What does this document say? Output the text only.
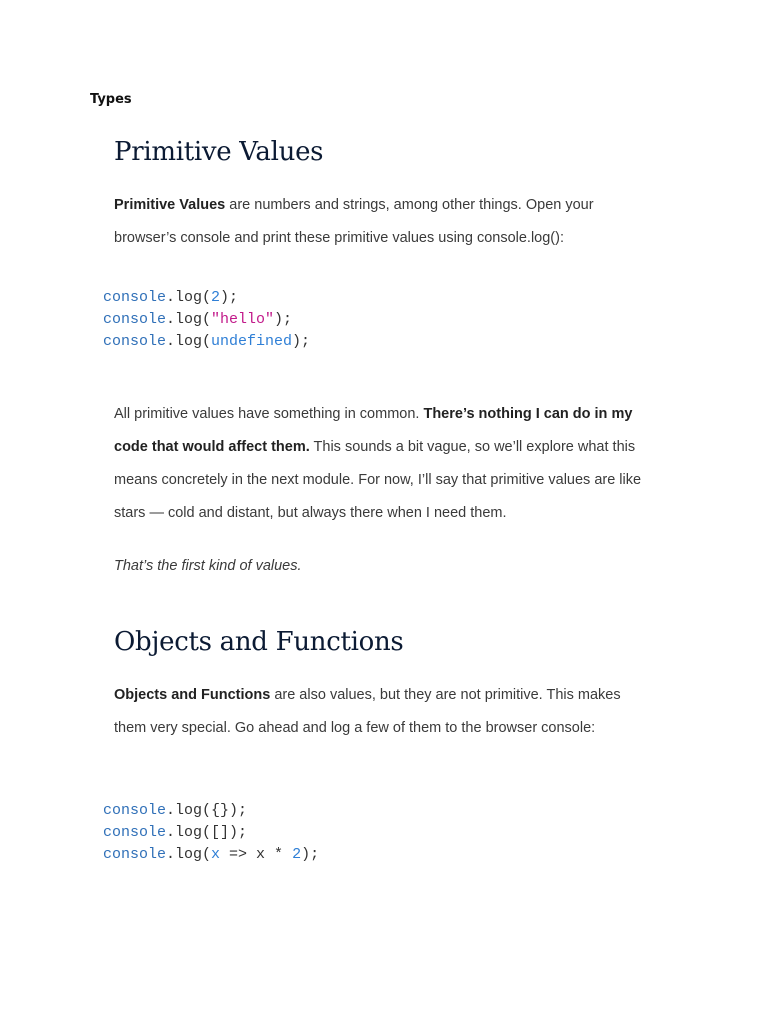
Types
Primitive Values

Primitive Values are numbers and strings, among other things. Open your browser’s console and print these primitive values using console.log():

console.log(2);
console.log("hello");
console.log(undefined);

All primitive values have something in common. There’s nothing I can do in my code that would affect them. This sounds a bit vague, so we’ll explore what this means concretely in the next module. For now, I’ll say that primitive values are like stars — cold and distant, but always there when I need them.

That’s the first kind of values.

Objects and Functions

Objects and Functions are also values, but they are not primitive. This makes them very special. Go ahead and log a few of them to the browser console:

console.log({});
console.log([]);
console.log(x => x * 2);
